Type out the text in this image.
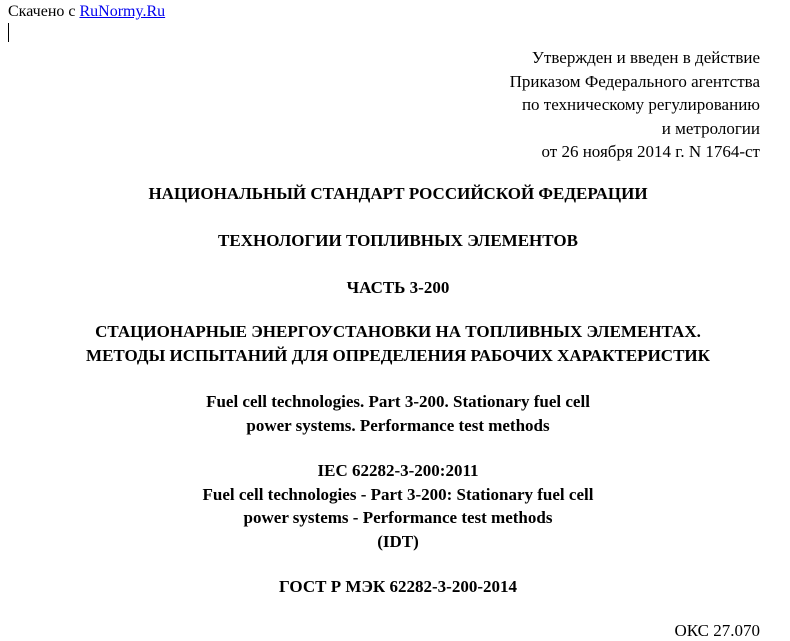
Скачено с RuNormy.Ru
Утвержден и введен в действие
Приказом Федерального агентства
по техническому регулированию
и метрологии
от 26 ноября 2014 г. N 1764-ст
НАЦИОНАЛЬНЫЙ СТАНДАРТ РОССИЙСКОЙ ФЕДЕРАЦИИ
ТЕХНОЛОГИИ ТОПЛИВНЫХ ЭЛЕМЕНТОВ
ЧАСТЬ 3-200
СТАЦИОНАРНЫЕ ЭНЕРГОУСТАНОВКИ НА ТОПЛИВНЫХ ЭЛЕМЕНТАХ.
МЕТОДЫ ИСПЫТАНИЙ ДЛЯ ОПРЕДЕЛЕНИЯ РАБОЧИХ ХАРАКТЕРИСТИК
Fuel cell technologies. Part 3-200. Stationary fuel cell
power systems. Performance test methods
IEC 62282-3-200:2011
Fuel cell technologies - Part 3-200: Stationary fuel cell
power systems - Performance test methods
(IDT)
ГОСТ Р МЭК 62282-3-200-2014
ОКС 27.070
